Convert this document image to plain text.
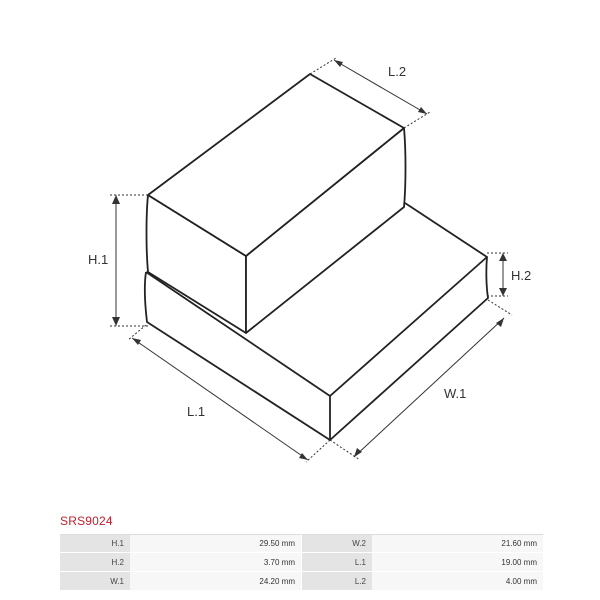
L.2
H.1
H.2
L.1
W.1
SRS9024
H.1	29.50 mm	W.2	21.60 mm
H.2	3.70 mm	L.1	19.00 mm
W.1	24.20 mm	L.2	4.00 mm
